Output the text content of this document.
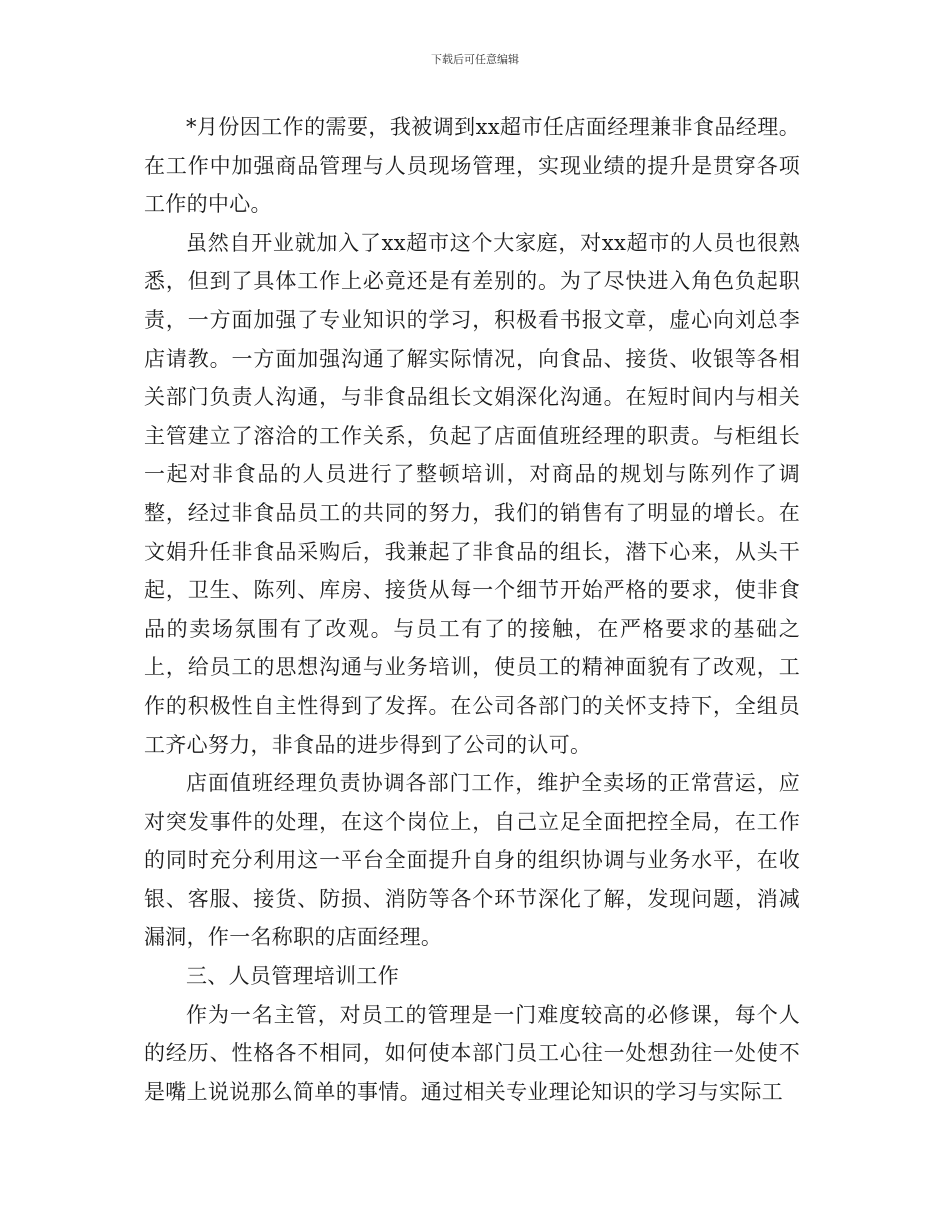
下载后可任意编辑

*月份因工作的需要，我被调到xx超市任店面经理兼非食品经理。在工作中加强商品管理与人员现场管理，实现业绩的提升是贯穿各项工作的中心。

虽然自开业就加入了xx超市这个大家庭，对xx超市的人员也很熟悉，但到了具体工作上必竟还是有差别的。为了尽快进入角色负起职责，一方面加强了专业知识的学习，积极看书报文章，虚心向刘总李店请教。一方面加强沟通了解实际情况，向食品、接货、收银等各相关部门负责人沟通，与非食品组长文娟深化沟通。在短时间内与相关主管建立了溶洽的工作关系，负起了店面值班经理的职责。与柜组长一起对非食品的人员进行了整顿培训，对商品的规划与陈列作了调整，经过非食品员工的共同的努力，我们的销售有了明显的增长。在文娟升任非食品采购后，我兼起了非食品的组长，潜下心来，从头干起，卫生、陈列、库房、接货从每一个细节开始严格的要求，使非食品的卖场氛围有了改观。与员工有了的接触，在严格要求的基础之上，给员工的思想沟通与业务培训，使员工的精神面貌有了改观，工作的积极性自主性得到了发挥。在公司各部门的关怀支持下，全组员工齐心努力，非食品的进步得到了公司的认可。

店面值班经理负责协调各部门工作，维护全卖场的正常营运，应对突发事件的处理，在这个岗位上，自己立足全面把控全局，在工作的同时充分利用这一平台全面提升自身的组织协调与业务水平，在收银、客服、接货、防损、消防等各个环节深化了解，发现问题，消减漏洞，作一名称职的店面经理。

三、人员管理培训工作

作为一名主管，对员工的管理是一门难度较高的必修课，每个人的经历、性格各不相同，如何使本部门员工心往一处想劲往一处使不是嘴上说说那么简单的事情。通过相关专业理论知识的学习与实际工
